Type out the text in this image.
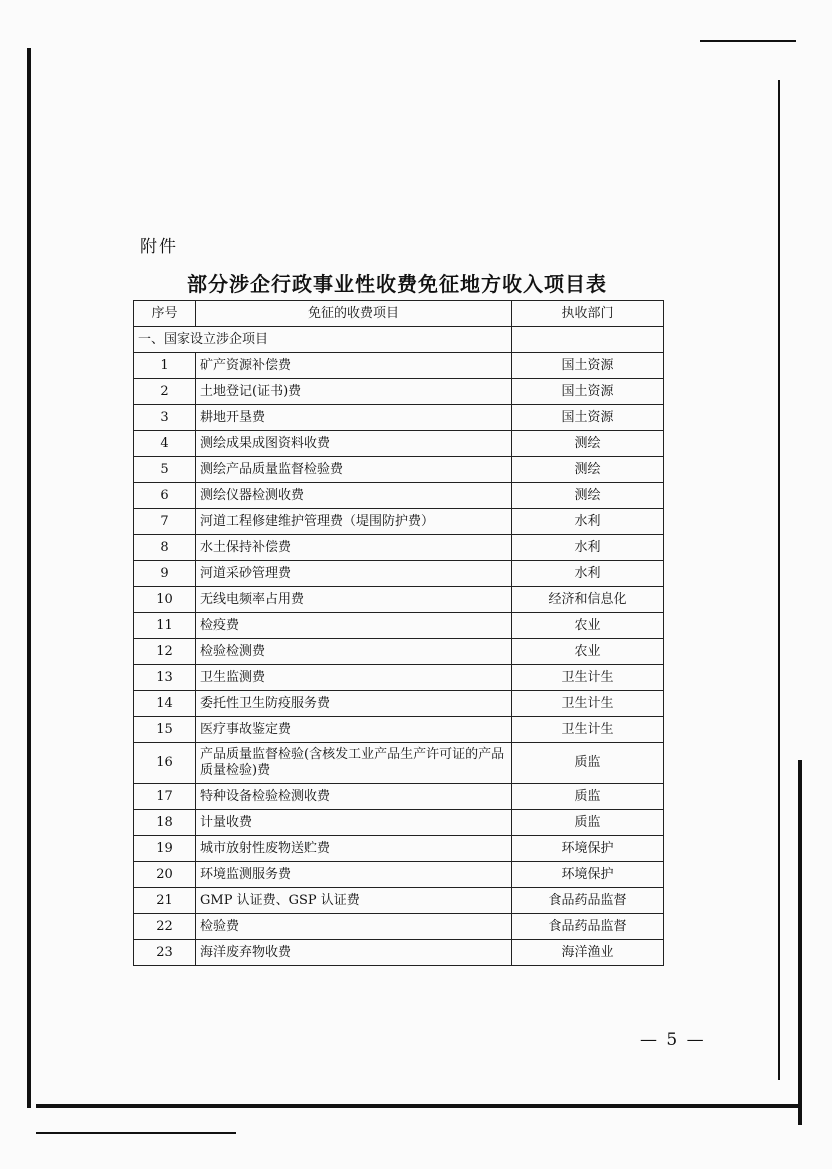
附件
部分涉企行政事业性收费免征地方收入项目表
序号	免征的收费项目	执收部门
一、国家设立涉企项目		
1	矿产资源补偿费	国土资源
2	土地登记(证书)费	国土资源
3	耕地开垦费	国土资源
4	测绘成果成图资料收费	测绘
5	测绘产品质量监督检验费	测绘
6	测绘仪器检测收费	测绘
7	河道工程修建维护管理费（堤围防护费）	水利
8	水土保持补偿费	水利
9	河道采砂管理费	水利
10	无线电频率占用费	经济和信息化
11	检疫费	农业
12	检验检测费	农业
13	卫生监测费	卫生计生
14	委托性卫生防疫服务费	卫生计生
15	医疗事故鉴定费	卫生计生
16	产品质量监督检验(含核发工业产品生产许可证的产品质量检验)费	质监
17	特种设备检验检测收费	质监
18	计量收费	质监
19	城市放射性废物送贮费	环境保护
20	环境监测服务费	环境保护
21	GMP 认证费、GSP 认证费	食品药品监督
22	检验费	食品药品监督
23	海洋废弃物收费	海洋渔业
— 5 —
